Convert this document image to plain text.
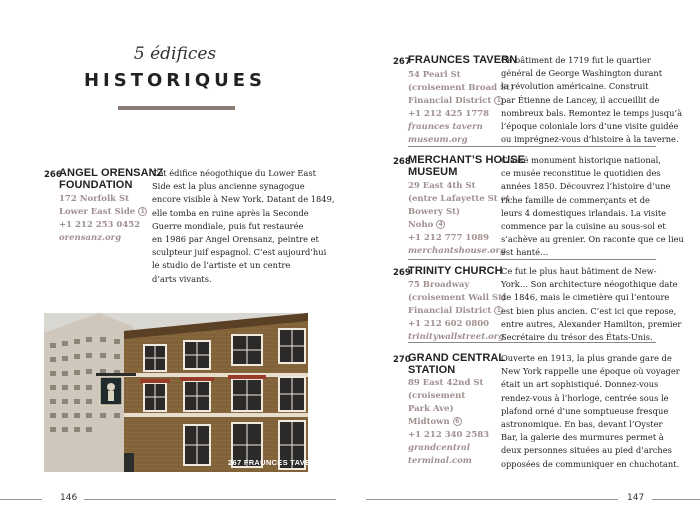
5 édifices
HISTORIQUES
266
ANGEL ORENSANZ
FOUNDATION
172 Norfolk St
Lower East Side 1
+1 212 253 0452
orensanz.org
Cet édifice néogothique du Lower East
Side est la plus ancienne synagogue
encore visible à New York. Datant de 1849,
elle tomba en ruine après la Seconde
Guerre mondiale, puis fut restaurée
en 1986 par Angel Orensanz, peintre et
sculpteur juif espagnol. C’est aujourd’hui
le studio de l’artiste et un centre
d’arts vivants.
267 FRAUNCES TAVERN
146
267
FRAUNCES TAVERN
54 Pearl St
(croisement Broad St)
Financial District 1
+1 212 425 1778
fraunces tavern
museum.org
Ce bâtiment de 1719 fut le quartier
général de George Washington durant
la révolution américaine. Construit
par Étienne de Lancey, il accueillit de
nombreux bals. Remontez le temps jusqu’à
l’époque coloniale lors d’une visite guidée
ou imprégnez-vous d’histoire à la taverne.
268
MERCHANT’S HOUSE
MUSEUM
29 East 4th St
(entre Lafayette St et
Bowery St)
Noho 4
+1 212 777 1089
merchantshouse.org
Classé monument historique national,
ce musée reconstitue le quotidien des
années 1850. Découvrez l’histoire d’une
riche famille de commerçants et de
leurs 4 domestiques irlandais. La visite
commence par la cuisine au sous-sol et
s’achève au grenier. On raconte que ce lieu
est hanté…
269
TRINITY CHURCH
75 Broadway
(croisement Wall St)
Financial District 1
+1 212 602 0800
trinitywallstreet.org
Ce fut le plus haut bâtiment de New-
York… Son architecture néogothique date
de 1846, mais le cimetière qui l’entoure
est bien plus ancien. C’est ici que repose,
entre autres, Alexander Hamilton, premier
Secrétaire du trésor des États-Unis.
270
GRAND CENTRAL
STATION
89 East 42nd St
(croisement
Park Ave)
Midtown 6
+1 212 340 2583
grandcentral
terminal.com
Ouverte en 1913, la plus grande gare de
New York rappelle une époque où voyager
était un art sophistiqué. Donnez-vous
rendez-vous à l’horloge, centrée sous le
plafond orné d’une somptueuse fresque
astronomique. En bas, devant l’Oyster
Bar, la galerie des murmures permet à
deux personnes situées au pied d’arches
opposées de communiquer en chuchotant.
147
